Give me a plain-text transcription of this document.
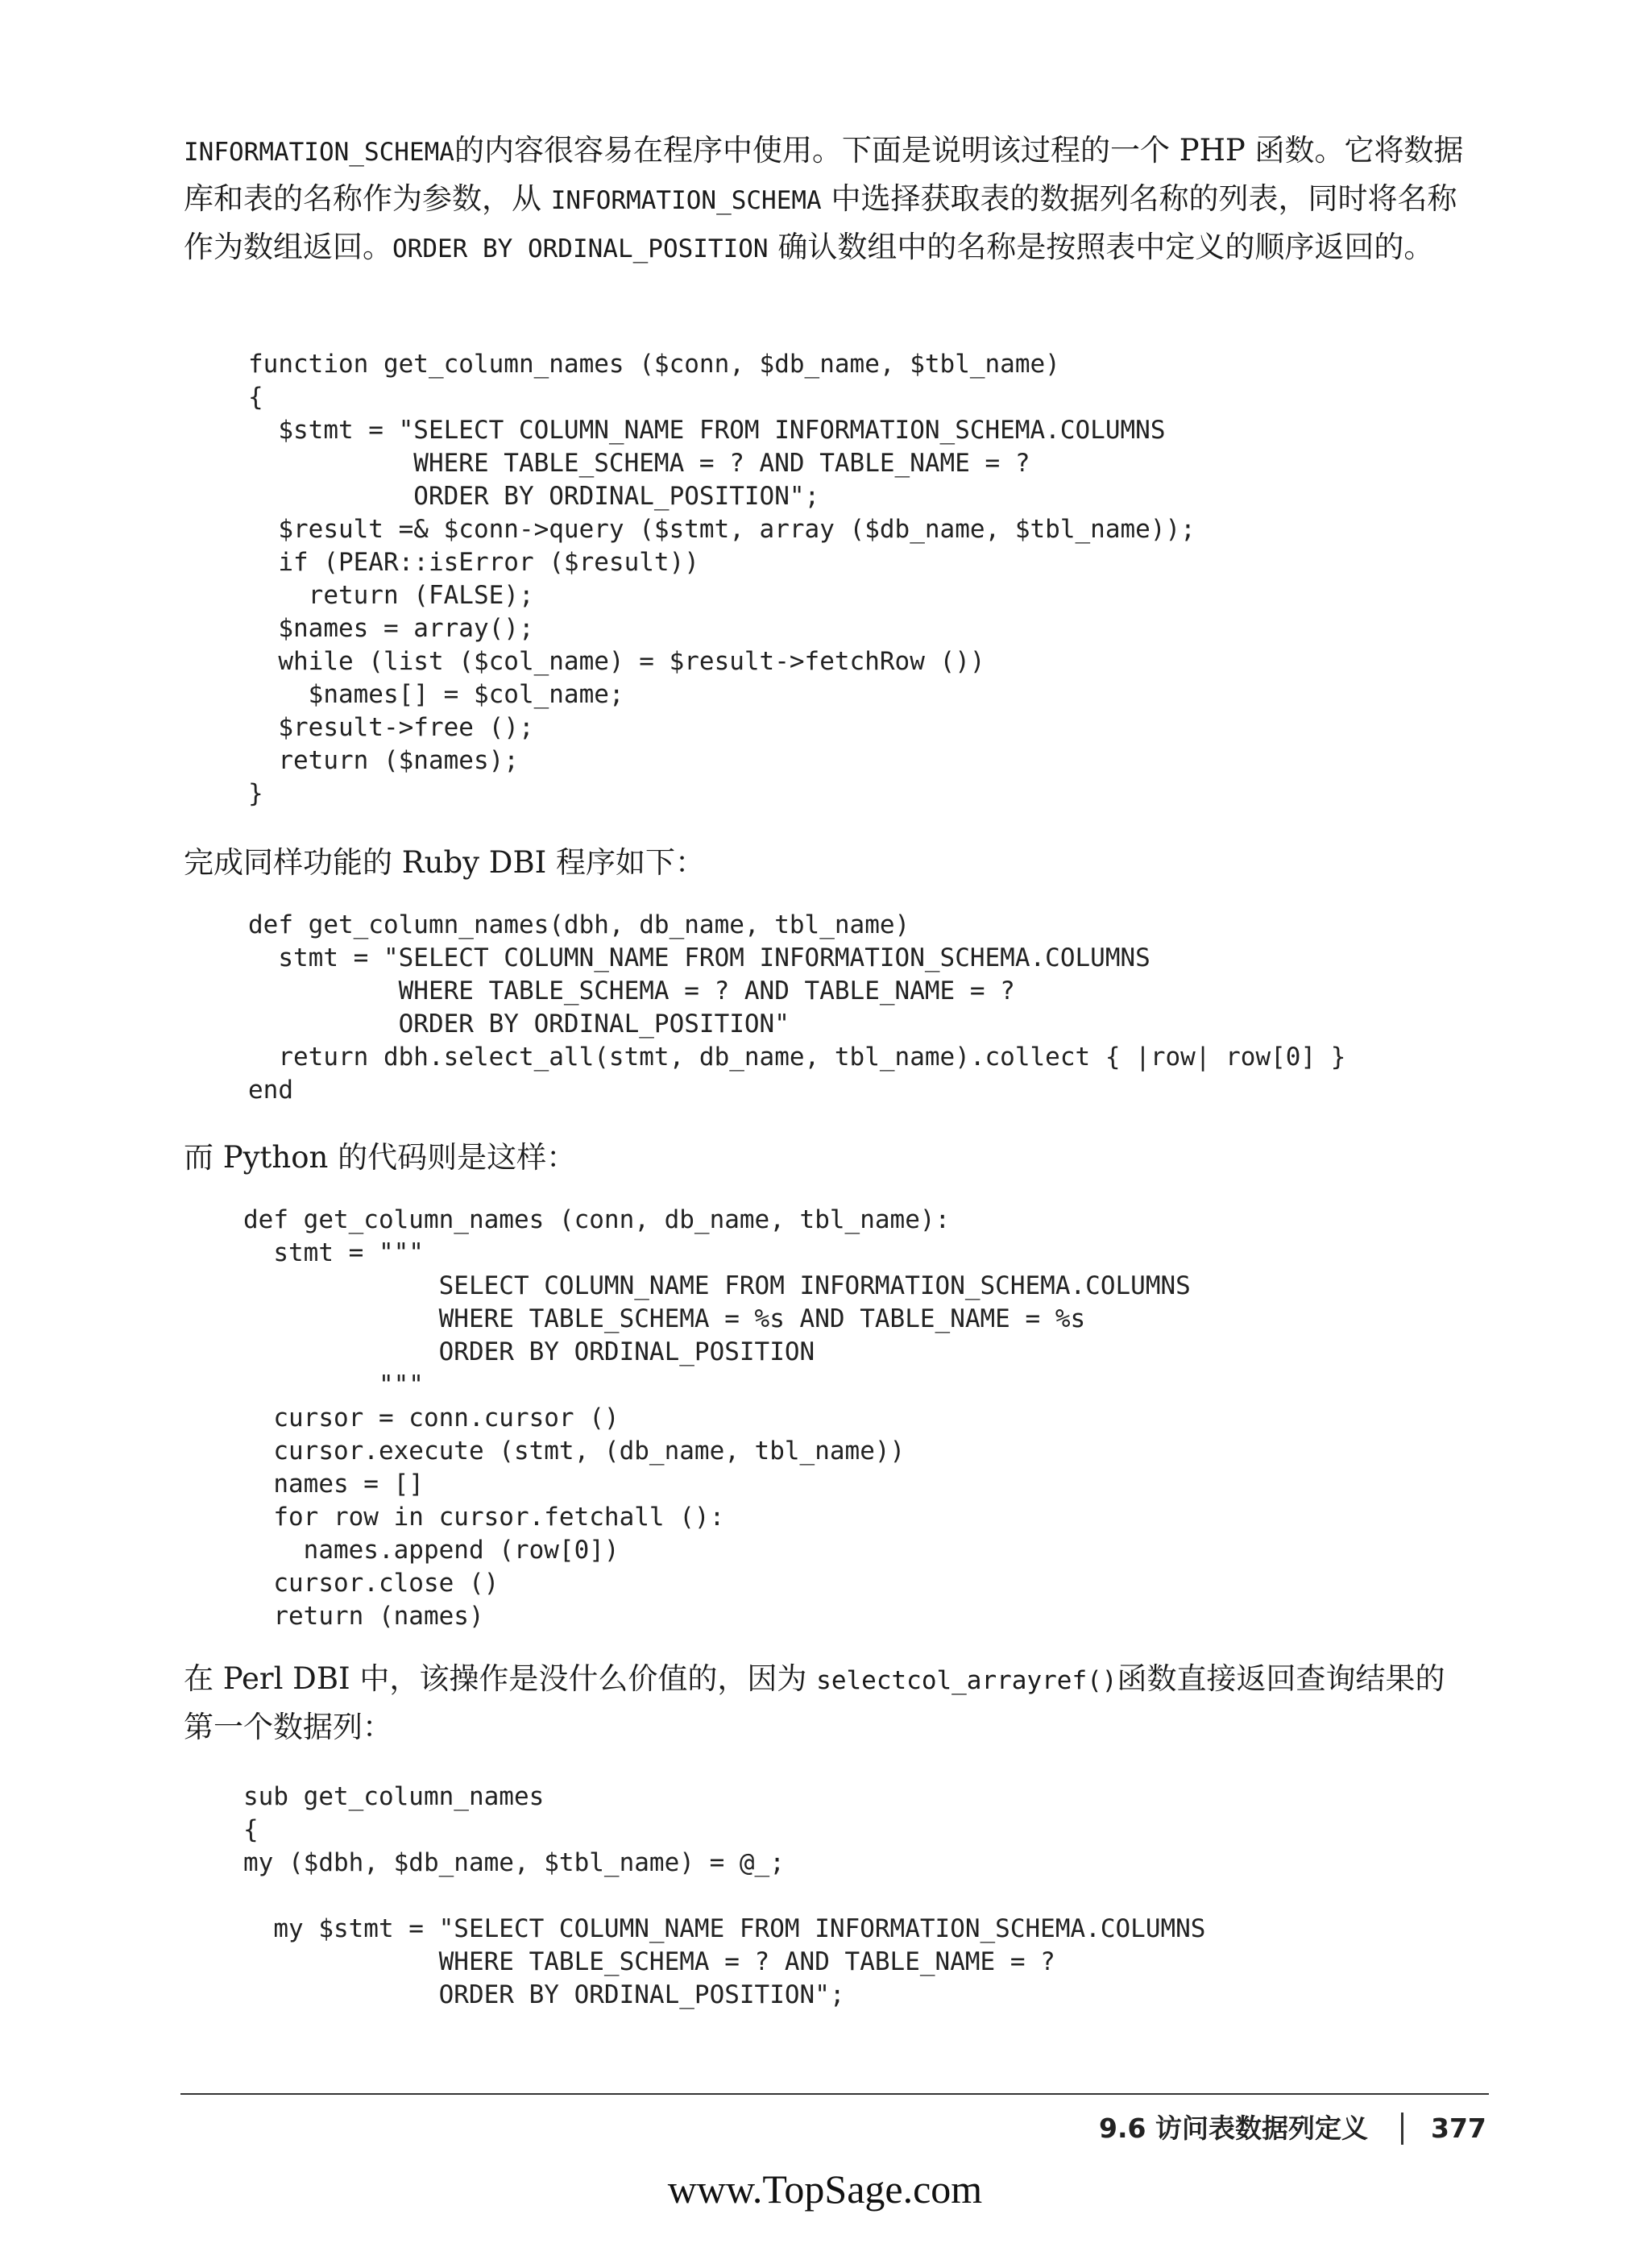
INFORMATION_SCHEMA的内容很容易在程序中使用。下面是说明该过程的一个 PHP 函数。它将数据库和表的名称作为参数，从 INFORMATION_SCHEMA 中选择获取表的数据列名称的列表，同时将名称作为数组返回。ORDER BY ORDINAL_POSITION 确认数组中的名称是按照表中定义的顺序返回的。

function get_column_names ($conn, $db_name, $tbl_name)
{
$stmt = "SELECT COLUMN_NAME FROM INFORMATION_SCHEMA.COLUMNS
WHERE TABLE_SCHEMA = ? AND TABLE_NAME = ?
ORDER BY ORDINAL_POSITION";
$result =& $conn->query ($stmt, array ($db_name, $tbl_name));
if (PEAR::isError ($result))
return (FALSE);
$names = array();
while (list ($col_name) = $result->fetchRow ())
$names[] = $col_name;
$result->free ();
return ($names);
}

完成同样功能的 Ruby DBI 程序如下：

def get_column_names(dbh, db_name, tbl_name)
stmt = "SELECT COLUMN_NAME FROM INFORMATION_SCHEMA.COLUMNS
WHERE TABLE_SCHEMA = ? AND TABLE_NAME = ?
ORDER BY ORDINAL_POSITION"
return dbh.select_all(stmt, db_name, tbl_name).collect { |row| row[0] }
end

而 Python 的代码则是这样：

def get_column_names (conn, db_name, tbl_name):
stmt = """
SELECT COLUMN_NAME FROM INFORMATION_SCHEMA.COLUMNS
WHERE TABLE_SCHEMA = %s AND TABLE_NAME = %s
ORDER BY ORDINAL_POSITION
"""
cursor = conn.cursor ()
cursor.execute (stmt, (db_name, tbl_name))
names = []
for row in cursor.fetchall ():
names.append (row[0])
cursor.close ()
return (names)

在 Perl DBI 中，该操作是没什么价值的，因为 selectcol_arrayref()函数直接返回查询结果的第一个数据列：

sub get_column_names
{
my ($dbh, $db_name, $tbl_name) = @_;
my $stmt = "SELECT COLUMN_NAME FROM INFORMATION_SCHEMA.COLUMNS
WHERE TABLE_SCHEMA = ? AND TABLE_NAME = ?
ORDER BY ORDINAL_POSITION";
9.6 访问表数据列定义 377
www.TopSage.com
